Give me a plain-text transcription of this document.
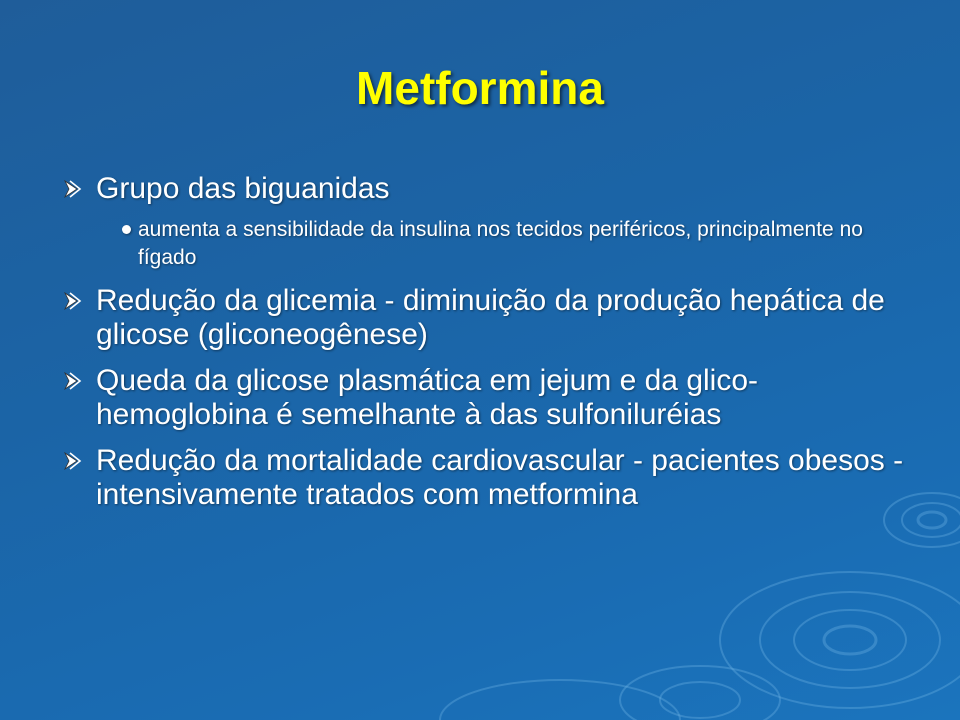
Metformina
Grupo das biguanidas
aumenta a sensibilidade da insulina nos tecidos periféricos, principalmente no fígado
Redução da glicemia - diminuição da produção hepática de glicose (gliconeogênese)
Queda da glicose plasmática em jejum e da glico-hemoglobina é semelhante à das sulfoniluréias
Redução da mortalidade cardiovascular - pacientes obesos - intensivamente tratados com metformina
